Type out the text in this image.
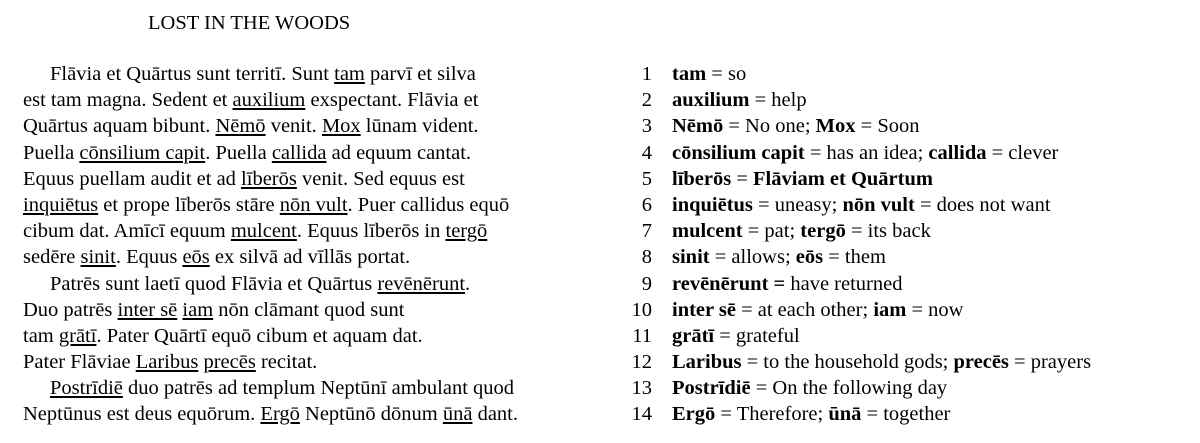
LOST IN THE WOODS
Flāvia et Quārtus sunt territī. Sunt tam parvī et silva
est tam magna. Sedent et auxilium exspectant. Flāvia et
Quārtus aquam bibunt. Nēmō venit. Mox lūnam vident.
Puella cōnsilium capit. Puella callida ad equum cantat.
Equus puellam audit et ad līberōs venit. Sed equus est
inquiētus et prope līberōs stāre nōn vult. Puer callidus equō
cibum dat. Amīcī equum mulcent. Equus līberōs in tergō
sedēre sinit. Equus eōs ex silvā ad vīllās portat.
Patrēs sunt laetī quod Flāvia et Quārtus revēnērunt.
Duo patrēs inter sē iam nōn clāmant quod sunt
tam grātī. Pater Quārtī equō cibum et aquam dat.
Pater Flāviae Laribus precēs recitat.
Postrīdiē duo patrēs ad templum Neptūnī ambulant quod
Neptūnus est deus equōrum. Ergō Neptūnō dōnum ūnā dant.
1 tam = so
2 auxilium = help
3 Nēmō = No one; Mox = Soon
4 cōnsilium capit = has an idea; callida = clever
5 līberōs = Flāviam et Quārtum
6 inquiētus = uneasy; nōn vult = does not want
7 mulcent = pat; tergō = its back
8 sinit = allows; eōs = them
9 revēnērunt = have returned
10 inter sē = at each other; iam = now
11 grātī = grateful
12 Laribus = to the household gods; precēs = prayers
13 Postrīdiē = On the following day
14 Ergō = Therefore; ūnā = together
